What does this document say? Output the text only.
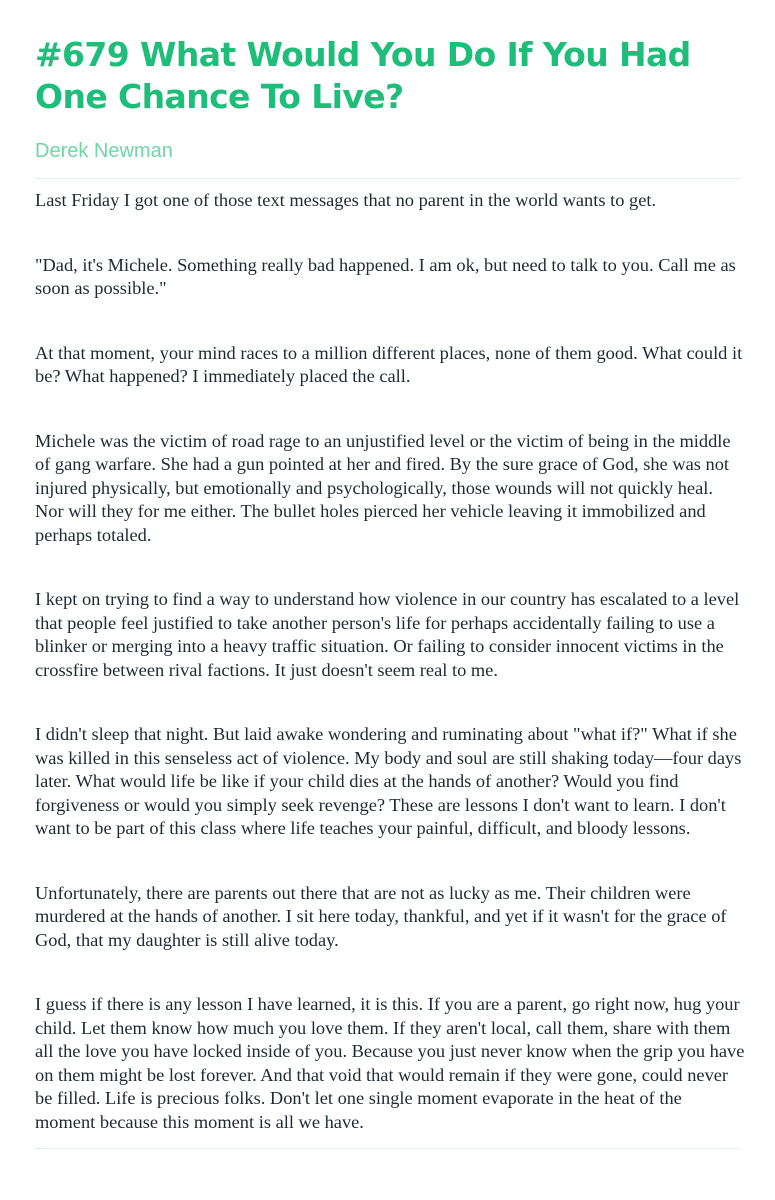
#679 What Would You Do If You Had One Chance To Live?
Derek Newman

Last Friday I got one of those text messages that no parent in the world wants to get.

"Dad, it's Michele. Something really bad happened. I am ok, but need to talk to you. Call me as soon as possible."

At that moment, your mind races to a million different places, none of them good. What could it be? What happened? I immediately placed the call.

Michele was the victim of road rage to an unjustified level or the victim of being in the middle of gang warfare. She had a gun pointed at her and fired. By the sure grace of God, she was not injured physically, but emotionally and psychologically, those wounds will not quickly heal. Nor will they for me either. The bullet holes pierced her vehicle leaving it immobilized and perhaps totaled.

I kept on trying to find a way to understand how violence in our country has escalated to a level that people feel justified to take another person's life for perhaps accidentally failing to use a blinker or merging into a heavy traffic situation. Or failing to consider innocent victims in the crossfire between rival factions. It just doesn't seem real to me.

I didn't sleep that night. But laid awake wondering and ruminating about "what if?" What if she was killed in this senseless act of violence. My body and soul are still shaking today—four days later. What would life be like if your child dies at the hands of another? Would you find forgiveness or would you simply seek revenge? These are lessons I don't want to learn. I don't want to be part of this class where life teaches your painful, difficult, and bloody lessons.

Unfortunately, there are parents out there that are not as lucky as me. Their children were murdered at the hands of another. I sit here today, thankful, and yet if it wasn't for the grace of God, that my daughter is still alive today.

I guess if there is any lesson I have learned, it is this. If you are a parent, go right now, hug your child. Let them know how much you love them. If they aren't local, call them, share with them all the love you have locked inside of you. Because you just never know when the grip you have on them might be lost forever. And that void that would remain if they were gone, could never be filled. Life is precious folks. Don't let one single moment evaporate in the heat of the moment because this moment is all we have.
